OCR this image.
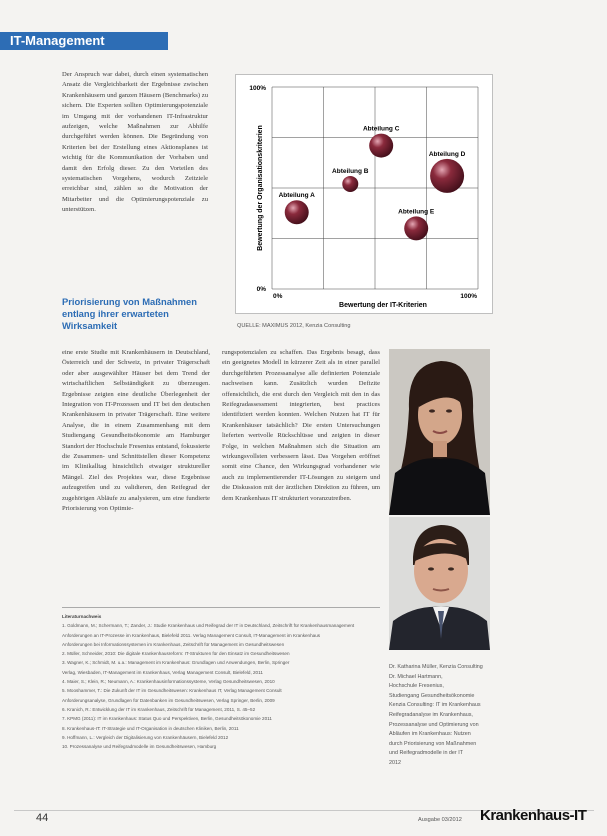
IT-Management
Der Anspruch war dabei, durch einen systematischen Ansatz die Vergleichbarkeit der Ergebnisse zwischen Krankenhäusern und ganzen Häusern (Benchmarks) zu sichern. Die Experten sollten Optimierungspotenziale im Umgang mit der vorhandenen IT-Infrastruktur aufzeigen, welche Maßnahmen zur Abhilfe durchgeführt werden können. Die Begründung von Kriterien bei der Erstellung eines Aktionsplanes ist wichtig für die Kommunikation der Vorhaben und damit den Erfolg dieser. Zu den Vorteilen des systematischen Vorgehens, wodurch Zeitziele erreichbar sind, zählen so die Motivation der Mitarbeiter und die Optimierungspotenziale zu unterstützen.
Priorisierung von Maßnahmen entlang ihrer erwarteten Wirksamkeit
100%
0%
0%	100%
Bewertung der IT-Kriterien
Bewertung der Organisationskriterien Abteilung A
Abteilung B
Abteilung C
Abteilung D
Abteilung E
QUELLE: MAXIMUS 2012, Kenzia Consulting
eine erste Studie mit Krankenhäusern in Deutschland, Österreich und der Schweiz, in privater Trägerschaft oder aber ausgewählter Häuser bei dem Trend der wirtschaftlichen Selbständigkeit zu überzeugen. Ergebnisse zeigten eine deutliche Überlegenheit der Integration von IT-Prozessen und IT bei den deutschen Krankenhäusern in privater Trägerschaft. Eine weitere Analyse, die in einem Zusammenhang mit dem Studiengang Gesundheitsökonomie am Hamburger Standort der Hochschule Fresenius entstand, fokussierte die Zusammen- und Schnittstellen dieser Kompetenz im Klinikalltag hinsichtlich etwaiger struktureller Mängel. Ziel des Projektes war, diese Ergebnisse aufzugreifen und zu validieren, den Reifegrad der zugehörigen Abläufe zu analysieren, um eine fundierte Priorisierung von Optimie-
rungspotenzialen zu schaffen. Das Ergebnis besagt, dass ein geeignetes Modell in kürzerer Zeit als in einer parallel durchgeführten Prozessanalyse alle definierten Potenziale nachweisen kann. Zusätzlich wurden Defizite offensichtlich, die erst durch den Vergleich mit den in das Reifegradassessment integrierten, best practices identifiziert werden konnten. Welchen Nutzen hat IT für Krankenhäuser tatsächlich? Die ersten Untersuchungen lieferten wertvolle Rückschlüsse und zeigten in dieser Folge, in welchen Maßnahmen sich die Situation am wirkungsvollsten verbessern lässt. Das Vorgehen eröffnet somit eine Chance, den Wirkungsgrad vorhandener wie auch zu implementierender IT-Lösungen zu steigern und die Diskussion mit der ärztlichen Direktion zu führen, um dem Krankenhaus IT strukturiert voranzutreiben.
Dr. Katharina Müller, Kenzia Consulting
Dr. Michael Hartmann,
Hochschule Fresenius,
Studiengang Gesundheitsökonomie
Kenzia Consulting: IT im Krankenhaus
Reifegradanalyse im Krankenhaus,
Prozessanalyse und Optimierung von
Abläufen im Krankenhaus: Nutzen
durch Priorisierung von Maßnahmen
und Reifegradmodelle in der IT
2012
Literaturnachweis
1. Goldmann, M.; Schermann, T.; Zander, J.: Studie Krankenhaus und Reifegrad der IT in Deutschland, Zeitschrift für Krankenhausmanagement
Anforderungen an IT-Prozesse im Krankenhaus, Bielefeld 2011. Verlag Management Consult, IT-Management im Krankenhaus
Anforderungen bei Informationssystemen im Krankenhaus, Zeitschrift für Management im Gesundheitswesen
2. Müller, Schneider, 2010: Die digitale Krankenhausreform: IT-Strukturen für den Einsatz im Gesundheitswesen
3. Wagner, K.; Schmidt, M. u.a.: Management im Krankenhaus: Grundlagen und Anwendungen, Berlin, Springer
Verlag, Wiesbaden, IT-Management im Krankenhaus, Verlag Management Consult, Bielefeld, 2011
4. Maier, S.; Klein, R.; Neumann, A.: Krankenhausinformationssysteme, Verlag Gesundheitswesen, 2010
5. Mooshammer, T.: Die Zukunft der IT im Gesundheitswesen: Krankenhaus IT, Verlag Management Consult
Anforderungsanalyse, Grundlagen für Datenbanken im Gesundheitswesen, Verlag Springer, Berlin, 2009
6. Kranich, R.: Entwicklung der IT im Krankenhaus, Zeitschrift für Management, 2011, S. 45–52
7. KPMG (2011): IT im Krankenhaus: Status Quo und Perspektiven, Berlin, Gesundheitsökonomie 2011
8. Krankenhaus-IT: IT-Strategie und IT-Organisation in deutschen Kliniken, Berlin, 2011
9. Hoffmann, L.: Vergleich der Digitalisierung von Krankenhäusern, Bielefeld 2012
10. Prozessanalyse und Reifegradmodelle im Gesundheitswesen, Hamburg
44	Ausgabe 03/2012 Krankenhaus-IT
